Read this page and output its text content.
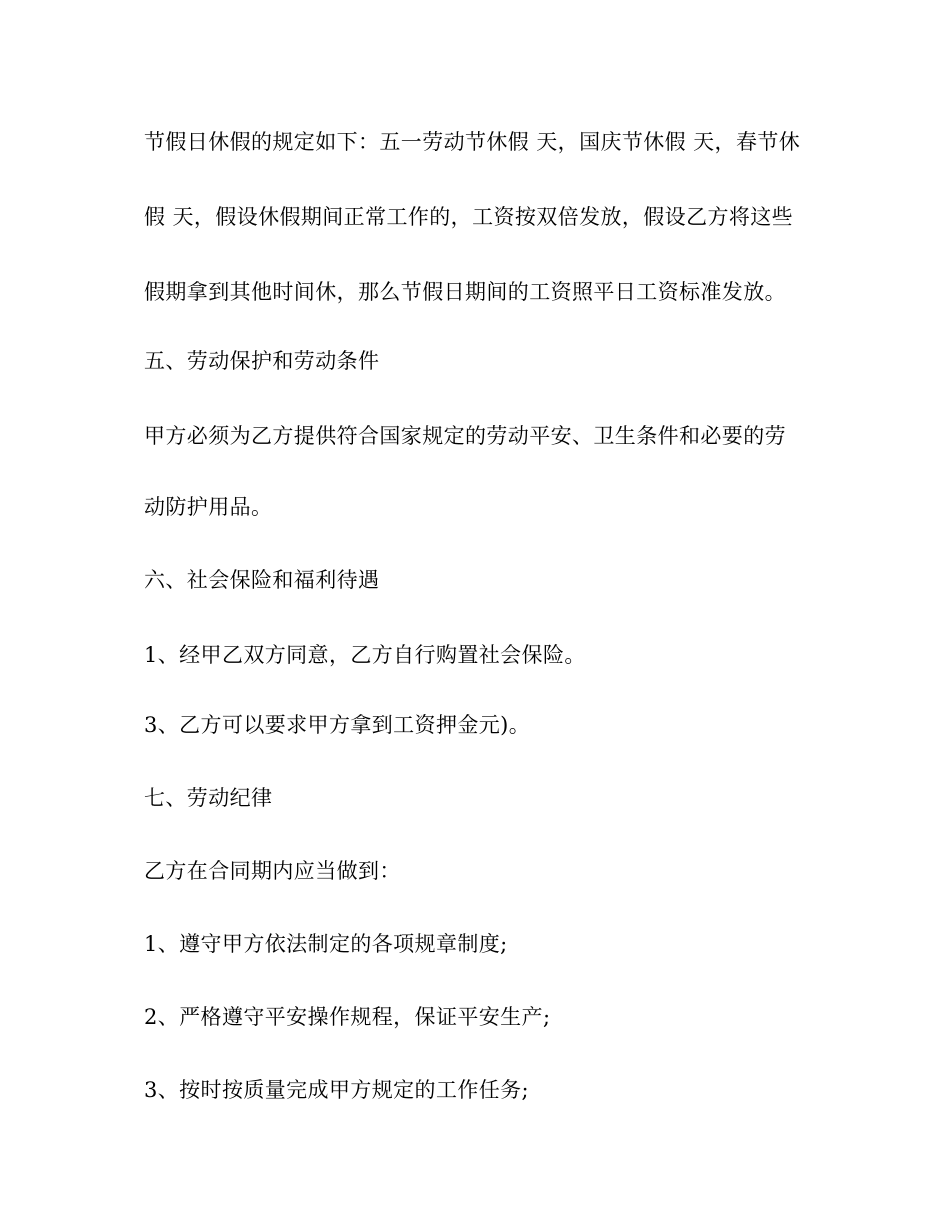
节假日休假的规定如下：五一劳动节休假 天，国庆节休假 天，春节休
假 天，假设休假期间正常工作的，工资按双倍发放，假设乙方将这些
假期拿到其他时间休，那么节假日期间的工资照平日工资标准发放。
五、劳动保护和劳动条件
甲方必须为乙方提供符合国家规定的劳动平安、卫生条件和必要的劳
动防护用品。
六、社会保险和福利待遇
1、经甲乙双方同意，乙方自行购置社会保险。
3、乙方可以要求甲方拿到工资押金元)。
七、劳动纪律
乙方在合同期内应当做到：
1、遵守甲方依法制定的各项规章制度;
2、严格遵守平安操作规程，保证平安生产;
3、按时按质量完成甲方规定的工作任务;
